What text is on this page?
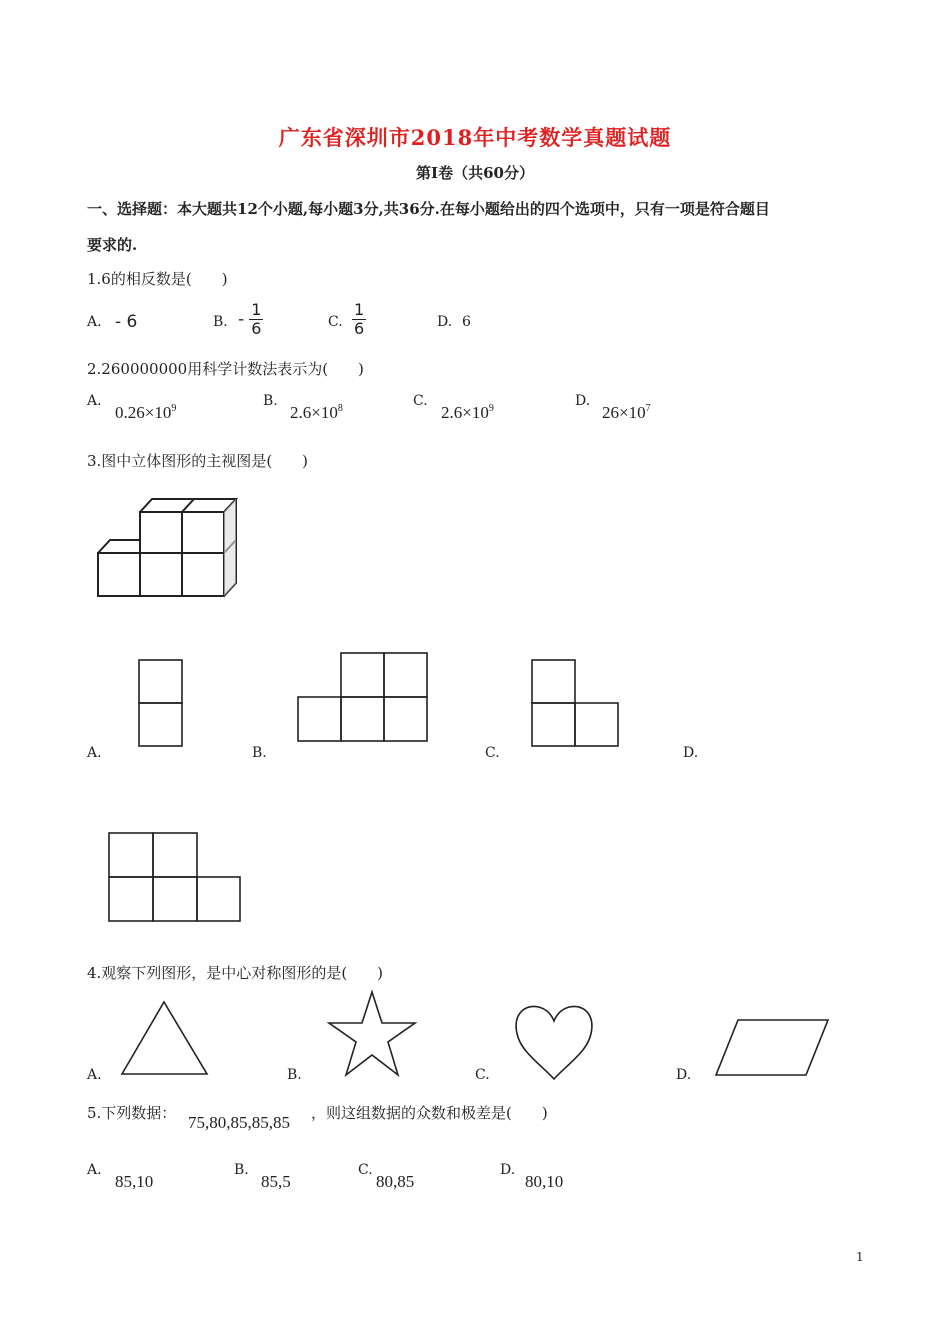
广东省深圳市2018年中考数学真题试题
第Ⅰ卷（共60分）
一、选择题：本大题共12个小题,每小题3分,共36分.在每小题给出的四个选项中，只有一项是符合题目
要求的.
1.6的相反数是(　　)
A. - 6	B. - $\frac{1}{6}$	C. $\frac{1}{6}$	D. 6
2.260000000用科学计数法表示为(　　)
A.
$0.26\times 10^9$	B.
$2.6\times 10^8$	C.
$2.6\times 10^9$	D.
$26\times 10^7$
3.图中立体图形的主视图是(　　)
A.	B.	C.	D.
4.观察下列图形，是中心对称图形的是(　　)
A.	B.	C.	D.
5.下列数据： 75,80,85,85,85 ，则这组数据的众数和极差是(　　)
A.
85,10
B.
85,5
C.
80,85
D.
80,10
1
